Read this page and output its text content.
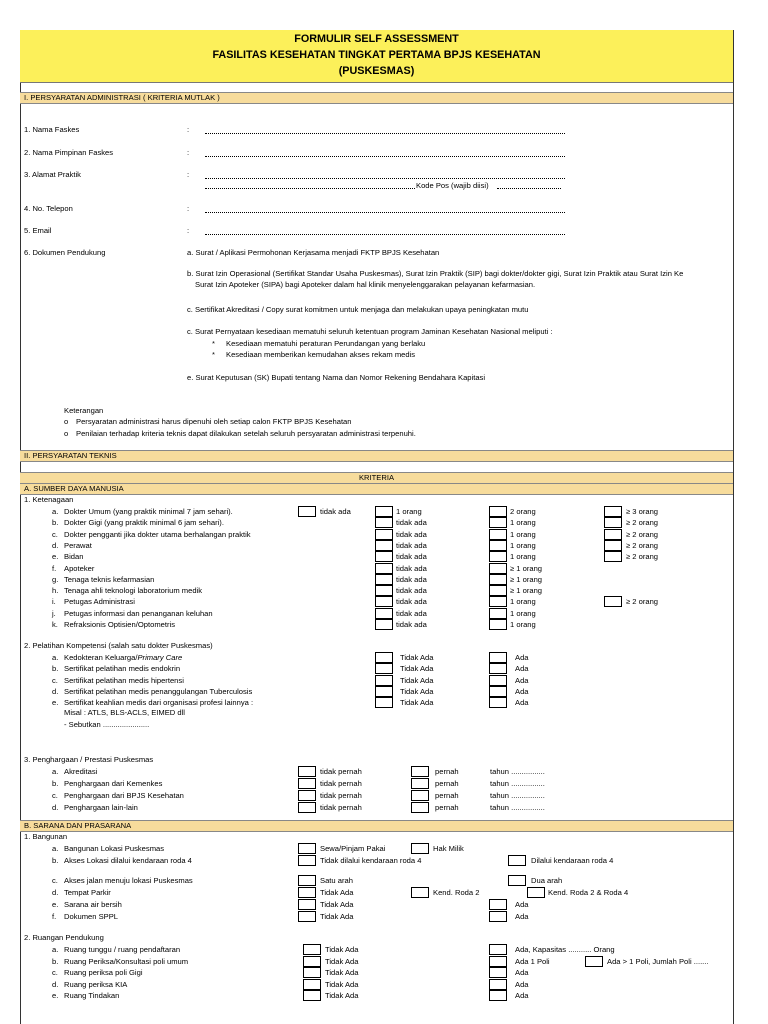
FORMULIR SELF ASSESSMENT
FASILITAS KESEHATAN TINGKAT PERTAMA BPJS KESEHATAN
(PUSKESMAS)
I. PERSYARATAN ADMINISTRASI ( KRITERIA MUTLAK )
1. Nama Faskes	:
2. Nama Pimpinan Faskes	:
3. Alamat Praktik	:
Kode Pos (wajib diisi)
4. No. Telepon	:
5. Email	:
6. Dokumen Pendukung	a. Surat / Aplikasi Permohonan Kerjasama menjadi FKTP BPJS Kesehatan
b. Surat Izin Operasional (Sertifikat Standar Usaha Puskesmas), Surat Izin Praktik (SIP) bagi dokter/dokter gigi, Surat Izin Praktik atau Surat Izin Ke
Surat Izin Apoteker (SIPA) bagi Apoteker dalam hal klinik menyelenggarakan pelayanan kefarmasian.
c. Sertifikat Akreditasi / Copy surat komitmen untuk menjaga dan melakukan upaya peningkatan mutu
c. Surat Pernyataan kesediaan mematuhi seluruh ketentuan program Jaminan Kesehatan Nasional meliputi :
* Kesediaan mematuhi peraturan Perundangan yang berlaku
* Kesediaan memberikan kemudahan akses rekam medis
e. Surat Keputusan (SK) Bupati tentang Nama dan Nomor Rekening Bendahara Kapitasi
Keterangan
o Persyaratan administrasi harus dipenuhi oleh setiap calon FKTP BPJS Kesehatan
o Penilaian terhadap kriteria teknis dapat dilakukan setelah seluruh persyaratan administrasi terpenuhi.
II. PERSYARATAN TEKNIS
KRITERIA
A. SUMBER DAYA MANUSIA
1. Ketenagaan
a. Dokter Umum (yang praktik minimal 7 jam sehari).	tidak ada	1 orang	2 orang	≥ 3 orang
b. Dokter Gigi (yang praktik minimal 6 jam sehari).	tidak ada	1 orang	≥ 2 orang
c. Dokter pengganti jika dokter utama berhalangan praktik	tidak ada	1 orang	≥ 2 orang
d. Perawat	tidak ada	1 orang	≥ 2 orang
e. Bidan	tidak ada	1 orang	≥ 2 orang
f. Apoteker	tidak ada	≥ 1 orang
g. Tenaga teknis kefarmasian	tidak ada	≥ 1 orang
h. Tenaga ahli teknologi laboratorium medik	tidak ada	≥ 1 orang
i. Petugas Administrasi	tidak ada	1 orang	≥ 2 orang
j. Petugas informasi dan penanganan keluhan	tidak ada	1 orang
k. Refraksionis Optisien/Optometris	tidak ada	1 orang
2. Pelatihan Kompetensi (salah satu dokter Puskesmas)
a. Kedokteran Keluarga/Primary Care	Tidak Ada	Ada
b. Sertifikat pelatihan medis endokrin	Tidak Ada	Ada
c. Sertifikat pelatihan medis hipertensi	Tidak Ada	Ada
d. Sertifikat pelatihan medis penanggulangan Tuberculosis	Tidak Ada	Ada
e. Sertifikat keahlian medis dari organisasi profesi lainnya :	Tidak Ada	Ada
Misal : ATLS, BLS-ACLS, EIMED dll
- Sebutkan ......................
3. Penghargaan / Prestasi Puskesmas
a. Akreditasi	tidak pernah	pernah	tahun ................
b. Penghargaan dari Kemenkes	tidak pernah	pernah	tahun ................
c. Penghargaan dari BPJS Kesehatan	tidak pernah	pernah	tahun ................
d. Penghargaan lain-lain	tidak pernah	pernah	tahun ................
B. SARANA DAN PRASARANA
1. Bangunan
a. Bangunan Lokasi Puskesmas	Sewa/Pinjam Pakai	Hak Milik
b. Akses Lokasi dilalui kendaraan roda 4	Tidak dilalui kendaraan roda 4	Dilalui kendaraan roda 4
c. Akses jalan menuju lokasi Puskesmas	Satu arah	Dua arah
d. Tempat Parkir	Tidak Ada	Kend. Roda 2	Kend. Roda 2 & Roda 4
e. Sarana air bersih	Tidak Ada	Ada
f. Dokumen SPPL	Tidak Ada	Ada
2. Ruangan Pendukung
a. Ruang tunggu / ruang pendaftaran	Tidak Ada	Ada, Kapasitas ........... Orang
b. Ruang Periksa/Konsultasi poli umum	Tidak Ada	Ada 1 Poli	Ada > 1 Poli, Jumlah Poli .......
c. Ruang periksa poli Gigi	Tidak Ada	Ada
d. Ruang periksa KIA	Tidak Ada	Ada
e. Ruang Tindakan	Tidak Ada	Ada
